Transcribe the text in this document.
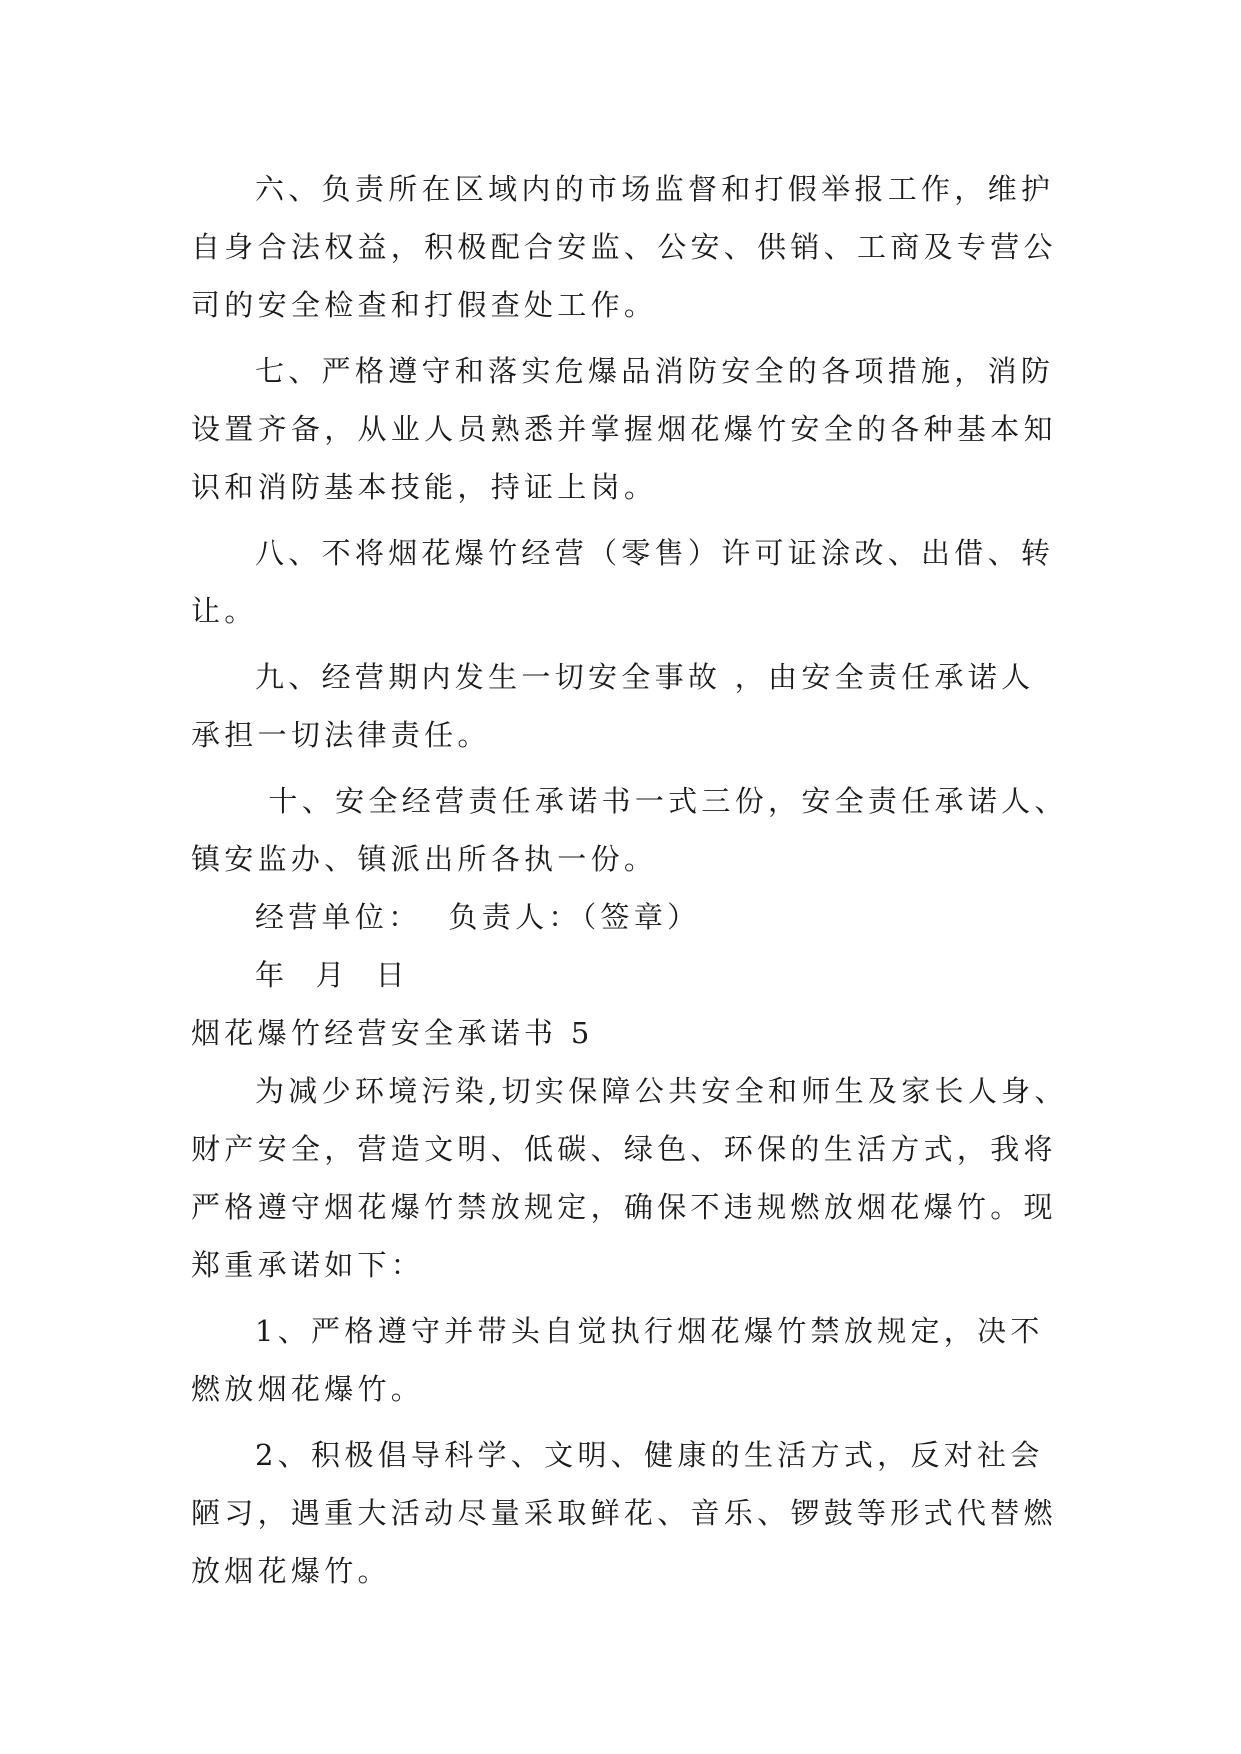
六、负责所在区域内的市场监督和打假举报工作，维护
自身合法权益，积极配合安监、公安、供销、工商及专营公
司的安全检查和打假查处工作。
七、严格遵守和落实危爆品消防安全的各项措施，消防
设置齐备，从业人员熟悉并掌握烟花爆竹安全的各种基本知
识和消防基本技能，持证上岗。
八、不将烟花爆竹经营（零售）许可证涂改、出借、转
让。
九、经营期内发生一切安全事故 ，由安全责任承诺人
承担一切法律责任。
十、安全经营责任承诺书一式三份，安全责任承诺人、
镇安监办、镇派出所各执一份。
经营单位：  负责人：（签章）
年  月  日
烟花爆竹经营安全承诺书 5
为减少环境污染,切实保障公共安全和师生及家长人身、
财产安全，营造文明、低碳、绿色、环保的生活方式，我将
严格遵守烟花爆竹禁放规定，确保不违规燃放烟花爆竹。现
郑重承诺如下：
1、严格遵守并带头自觉执行烟花爆竹禁放规定，决不
燃放烟花爆竹。
2、积极倡导科学、文明、健康的生活方式，反对社会
陋习，遇重大活动尽量采取鲜花、音乐、锣鼓等形式代替燃
放烟花爆竹。
